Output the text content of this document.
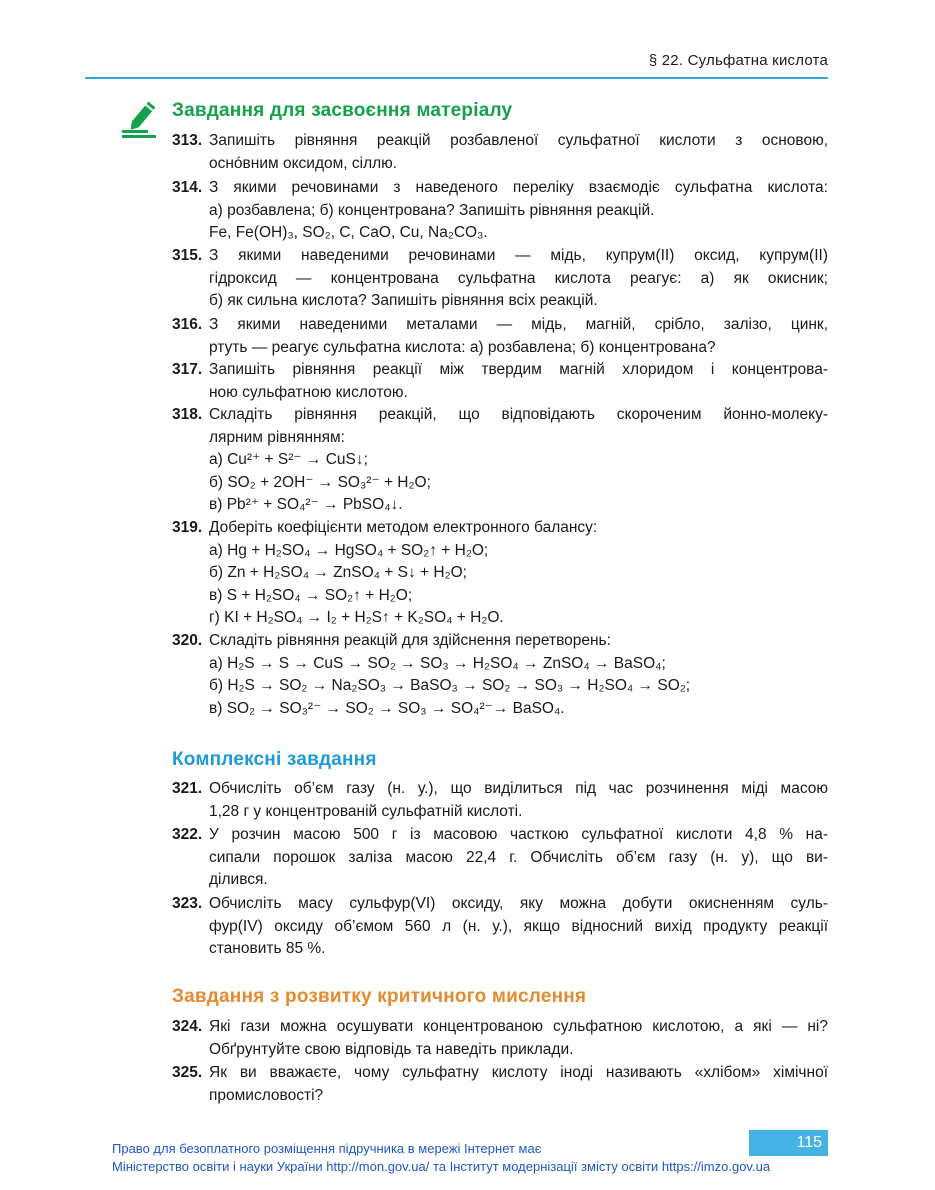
§ 22. Сульфатна кислота
Завдання для засвоєння матеріалу
313. Запишіть рівняння реакцій розбавленої сульфатної кислоти з основою,
оснóвним оксидом, сіллю.
314. З якими речовинами з наведеного переліку взаємодіє сульфатна кислота:
а) розбавлена; б) концентрована? Запишіть рівняння реакцій.
Fe, Fe(OH)₃, SO₂, C, CaO, Cu, Na₂CO₃.
315. З якими наведеними речовинами — мідь, купрум(ІІ) оксид, купрум(ІІ)
гідроксид — концентрована сульфатна кислота реагує: а) як окисник;
б) як сильна кислота? Запишіть рівняння всіх реакцій.
316. З якими наведеними металами — мідь, магній, срібло, залізо, цинк,
ртуть — реагує сульфатна кислота: а) розбавлена; б) концентрована?
317. Запишіть рівняння реакції між твердим магній хлоридом і концентрова-
ною сульфатною кислотою.
318. Складіть рівняння реакцій, що відповідають скороченим йонно-молеку-
лярним рівнянням:
а) Cu²⁺ + S²⁻ → CuS↓;
б) SO₂ + 2OH⁻ → SO₃²⁻ + H₂O;
в) Pb²⁺ + SO₄²⁻ → PbSO₄↓.
319. Доберіть коефіцієнти методом електронного балансу:
а) Hg + H₂SO₄ → HgSO₄ + SO₂↑ + H₂O;
б) Zn + H₂SO₄ → ZnSO₄ + S↓ + H₂O;
в) S + H₂SO₄ → SO₂↑ + H₂O;
г) KI + H₂SO₄ → I₂ + H₂S↑ + K₂SO₄ + H₂O.
320. Складіть рівняння реакцій для здійснення перетворень:
а) H₂S → S → CuS → SO₂ → SO₃ → H₂SO₄ → ZnSO₄ → BaSO₄;
б) H₂S → SO₂ → Na₂SO₃ → BaSO₃ → SO₂ → SO₃ → H₂SO₄ → SO₂;
в) SO₂ → SO₃²⁻ → SO₂ → SO₃ → SO₄²⁻→ BaSO₄.
Комплексні завдання
321. Обчисліть об’єм газу (н. у.), що виділиться під час розчинення міді масою
1,28 г у концентрованій сульфатній кислоті.
322. У розчин масою 500 г із масовою часткою сульфатної кислоти 4,8 % на-
сипали порошок заліза масою 22,4 г. Обчисліть об’єм газу (н. у), що ви-
ділився.
323. Обчисліть масу сульфур(VI) оксиду, яку можна добути окисненням суль-
фур(IV) оксиду об’ємом 560 л (н. у.), якщо відносний вихід продукту реакції
становить 85 %.
Завдання з розвитку критичного мислення
324. Які гази можна осушувати концентрованою сульфатною кислотою, а які — ні?
Обґрунтуйте свою відповідь та наведіть приклади.
325. Як ви вважаєте, чому сульфатну кислоту іноді називають «хлібом» хімічної
промисловості?
115
Право для безоплатного розміщення підручника в мережі Інтернет має
Міністерство освіти і науки України http://mon.gov.ua/ та Інститут модернізації змісту освіти https://imzo.gov.ua
